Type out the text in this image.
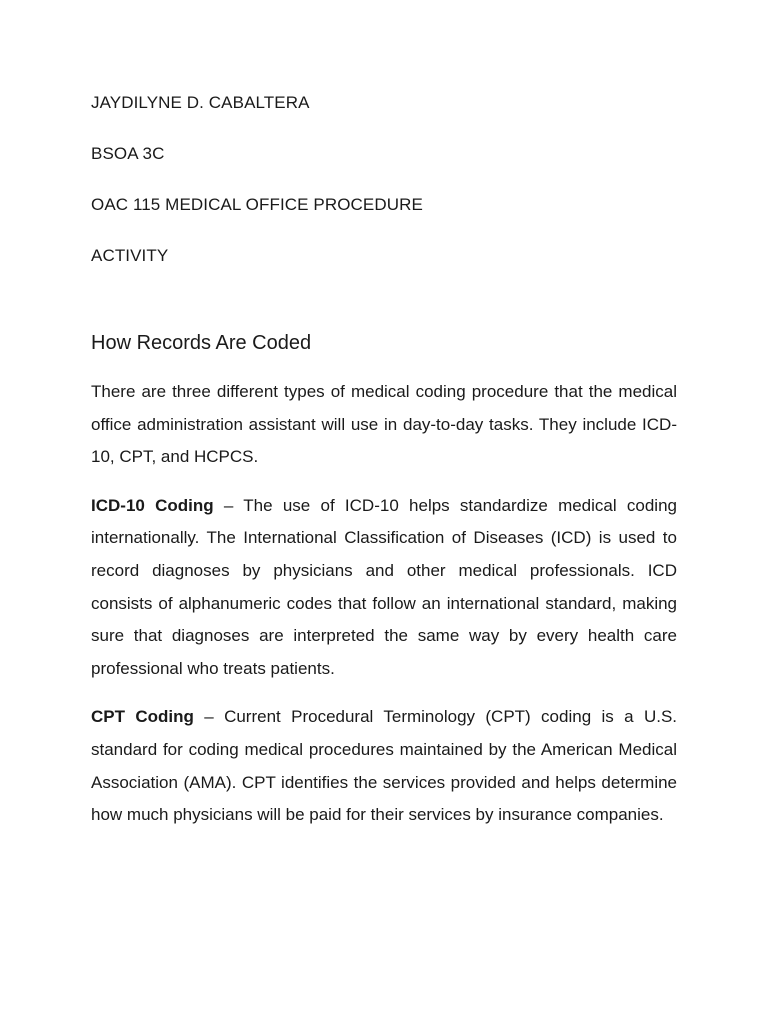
JAYDILYNE D. CABALTERA
BSOA 3C
OAC 115 MEDICAL OFFICE PROCEDURE
ACTIVITY
How Records Are Coded

There are three different types of medical coding procedure that the medical office administration assistant will use in day-to-day tasks. They include ICD-10, CPT, and HCPCS.

ICD-10 Coding – The use of ICD-10 helps standardize medical coding internationally. The International Classification of Diseases (ICD) is used to record diagnoses by physicians and other medical professionals. ICD consists of alphanumeric codes that follow an international standard, making sure that diagnoses are interpreted the same way by every health care professional who treats patients.

CPT Coding – Current Procedural Terminology (CPT) coding is a U.S. standard for coding medical procedures maintained by the American Medical Association (AMA). CPT identifies the services provided and helps determine how much physicians will be paid for their services by insurance companies.
